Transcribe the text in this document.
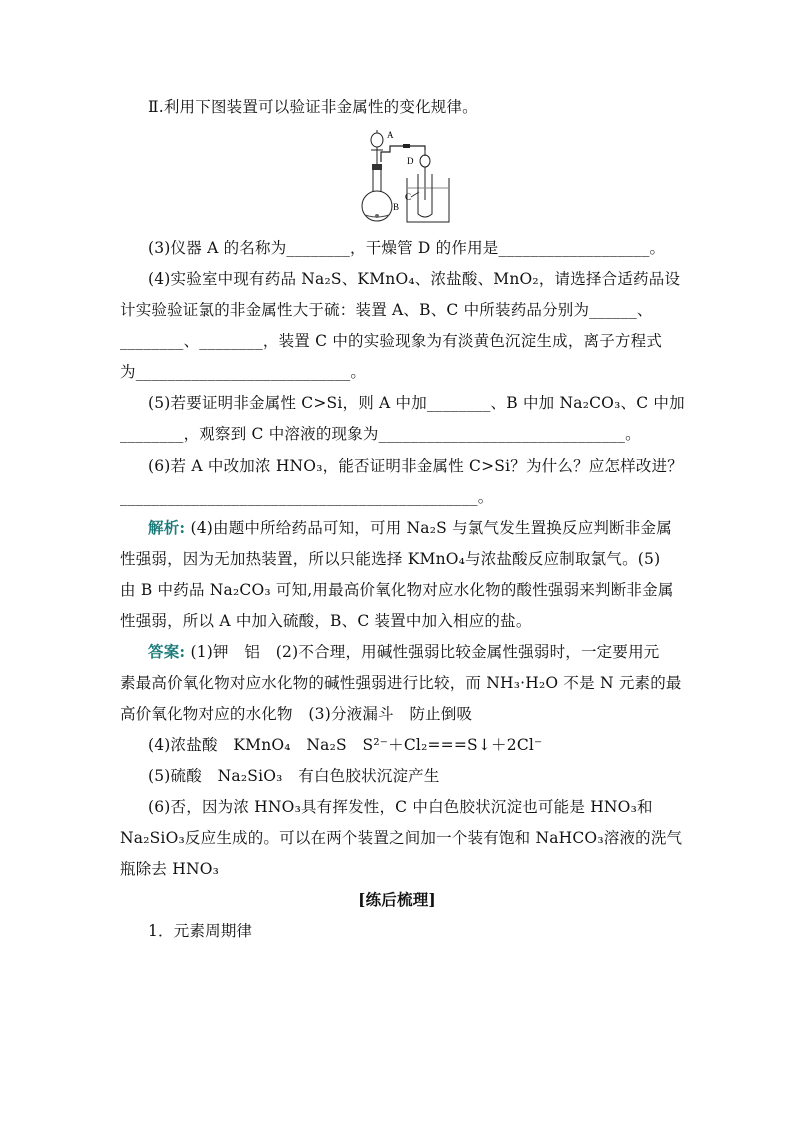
Ⅱ.利用下图装置可以验证非金属性的变化规律。
A
B
D
C
(3)仪器 A 的名称为________，干燥管 D 的作用是___________________。
(4)实验室中现有药品 Na₂S、KMnO₄、浓盐酸、MnO₂，请选择合适药品设
计实验验证氯的非金属性大于硫：装置 A、B、C 中所装药品分别为______、
________、________，装置 C 中的实验现象为有淡黄色沉淀生成，离子方程式
为___________________________。
(5)若要证明非金属性 C>Si，则 A 中加________、B 中加 Na₂CO₃、C 中加
________，观察到 C 中溶液的现象为_______________________________。
(6)若 A 中改加浓 HNO₃，能否证明非金属性 C>Si？为什么？应怎样改进？
_____________________________________________。
解析: (4)由题中所给药品可知，可用 Na₂S 与氯气发生置换反应判断非金属
性强弱，因为无加热装置，所以只能选择 KMnO₄与浓盐酸反应制取氯气。(5)
由 B 中药品 Na₂CO₃ 可知,用最高价氧化物对应水化物的酸性强弱来判断非金属
性强弱，所以 A 中加入硫酸，B、C 装置中加入相应的盐。
答案: (1)钾　铝　(2)不合理，用碱性强弱比较金属性强弱时，一定要用元
素最高价氧化物对应水化物的碱性强弱进行比较，而 NH₃·H₂O 不是 N 元素的最
高价氧化物对应的水化物　(3)分液漏斗　防止倒吸
(4)浓盐酸　KMnO₄　Na₂S　S²⁻＋Cl₂===S↓＋2Cl⁻
(5)硫酸　Na₂SiO₃　有白色胶状沉淀产生
(6)否，因为浓 HNO₃具有挥发性，C 中白色胶状沉淀也可能是 HNO₃和
Na₂SiO₃反应生成的。可以在两个装置之间加一个装有饱和 NaHCO₃溶液的洗气
瓶除去 HNO₃
[练后梳理]
1．元素周期律
